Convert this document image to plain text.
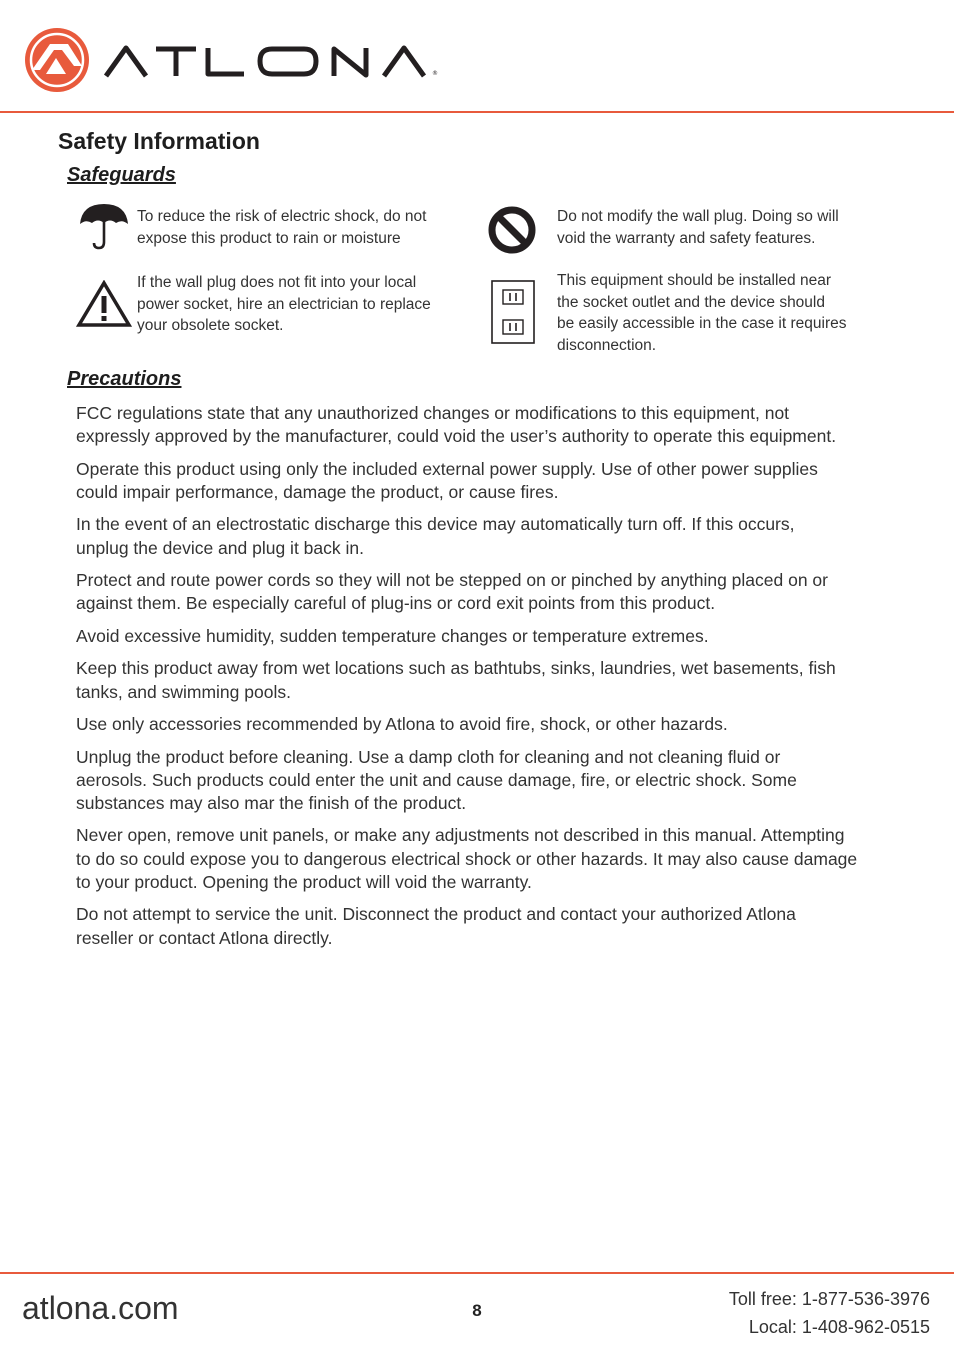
®
Safety Information
Safeguards
To reduce the risk of electric shock, do not
expose this product to rain or moisture
Do not modify the wall plug. Doing so will
void the warranty and safety features.
If the wall plug does not fit into your local
power socket, hire an electrician to replace
your obsolete socket.
This equipment should be installed near
the socket outlet and the device should
be easily accessible in the case it requires
disconnection.
Precautions

FCC regulations state that any unauthorized changes or modifications to this equipment, not
expressly approved by the manufacturer, could void the user’s authority to operate this equipment.

Operate this product using only the included external power supply. Use of other power supplies
could impair performance, damage the product, or cause fires.

In the event of an electrostatic discharge this device may automatically turn off. If this occurs,
unplug the device and plug it back in.

Protect and route power cords so they will not be stepped on or pinched by anything placed on or
against them. Be especially careful of plug-ins or cord exit points from this product.

Avoid excessive humidity, sudden temperature changes or temperature extremes.

Keep this product away from wet locations such as bathtubs, sinks, laundries, wet basements, fish
tanks, and swimming pools.

Use only accessories recommended by Atlona to avoid fire, shock, or other hazards.

Unplug the product before cleaning. Use a damp cloth for cleaning and not cleaning fluid or
aerosols. Such products could enter the unit and cause damage, fire, or electric shock. Some
substances may also mar the finish of the product.

Never open, remove unit panels, or make any adjustments not described in this manual. Attempting
to do so could expose you to dangerous electrical shock or other hazards. It may also cause damage
to your product. Opening the product will void the warranty.

Do not attempt to service the unit. Disconnect the product and contact your authorized Atlona
reseller or contact Atlona directly.

atlona.com	8
Toll free: 1-877-536-3976
Local: 1-408-962-0515
